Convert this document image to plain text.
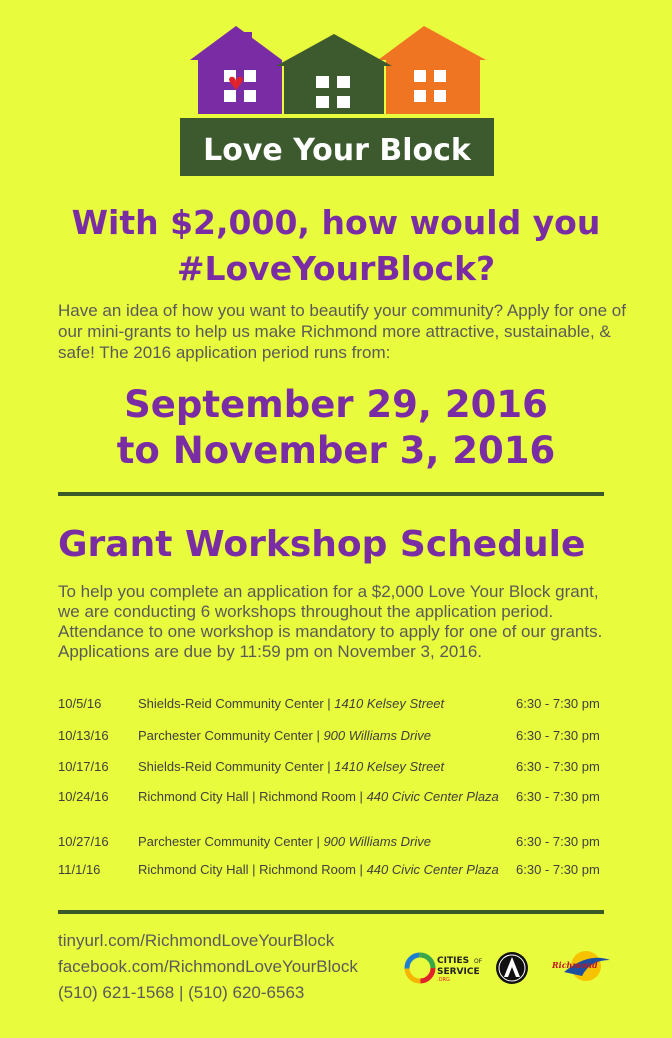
Love Your Block
With $2,000, how would you
#LoveYourBlock?

Have an idea of how you want to beautify your community? Apply for one of our mini-grants to help us make Richmond more attractive, sustainable, & safe! The 2016 application period runs from:

September 29, 2016
to November 3, 2016
Grant Workshop Schedule

To help you complete an application for a $2,000 Love Your Block grant, we are conducting 6 workshops throughout the application period. Attendance to one workshop is mandatory to apply for one of our grants. Applications are due by 11:59 pm on November 3, 2016.

10/5/16	Shields-Reid Community Center | 1410 Kelsey Street	6:30 - 7:30 pm
10/13/16 Parchester Community Center | 900 Williams Drive	6:30 - 7:30 pm
10/17/16 Shields-Reid Community Center | 1410 Kelsey Street	6:30 - 7:30 pm
10/24/16 Richmond City Hall | Richmond Room | 440 Civic Center Plaza	6:30 - 7:30 pm
10/27/16 Parchester Community Center | 900 Williams Drive	6:30 - 7:30 pm
11/1/16	Richmond City Hall | Richmond Room | 440 Civic Center Plaza	6:30 - 7:30 pm
tinyurl.com/RichmondLoveYourBlock
facebook.com/RichmondLoveYourBlock
(510) 621-1568 | (510) 620-6563
CITIES OF
SERVICE
.ORG
Richmond
